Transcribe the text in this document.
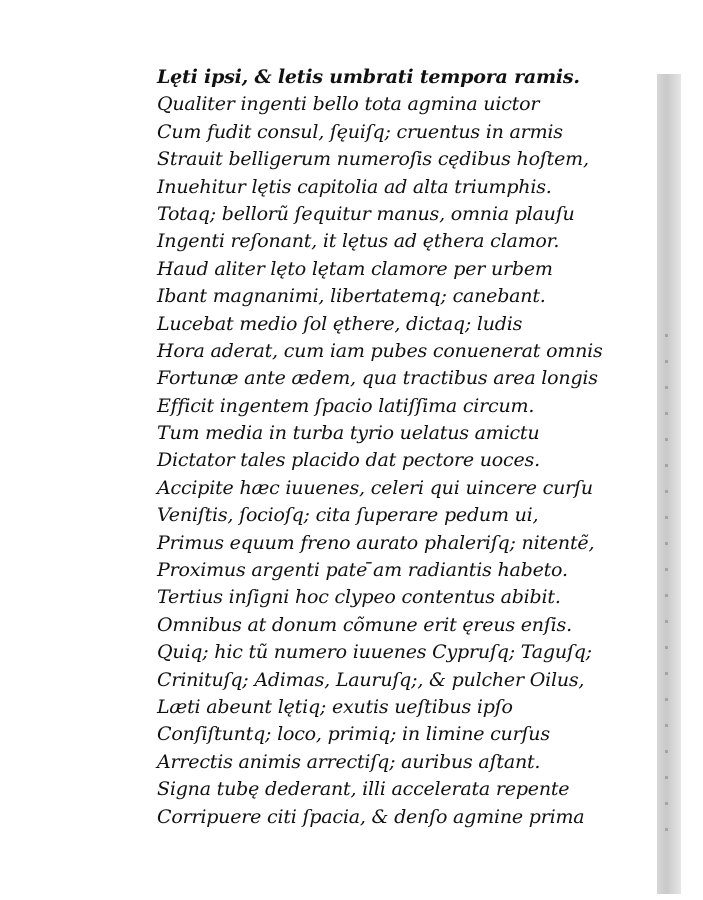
Lęti ipsi, & letis umbrati tempora ramis.
Qualiter ingenti bello tota agmina uictor
Cum fudit consul, ſęuiſq; cruentus in armis
Strauit belligerum numeroſis cędibus hoſtem,
Inuehitur lętis capitolia ad alta triumphis.
Totaq; bellorũ ſequitur manus, omnia plauſu
Ingenti reſonant, it lętus ad ęthera clamor.
Haud aliter lęto lętam clamore per urbem
Ibant magnanimi, libertatemq; canebant.
Lucebat medio ſol ęthere, dictaq; ludis
Hora aderat, cum iam pubes conuenerat omnis
Fortunæ ante ædem, qua tractibus area longis
Efficit ingentem ſpacio latiſſima circum.
Tum media in turba tyrio uelatus amictu
Dictator tales placido dat pectore uoces.
Accipite hæc iuuenes, celeri qui uincere curſu
Veniſtis, ſocioſq; cita ſuperare pedum ui,
Primus equum freno aurato phaleriſq; nitentẽ,
Proximus argenti pate ̄am radiantis habeto.
Tertius inſigni hoc clypeo contentus abibit.
Omnibus at donum cõmune erit ęreus enſis.
Quiq; hic tũ numero iuuenes Cypruſq; Taguſq;
Crinituſq; Adimas, Lauruſq;, & pulcher Oilus,
Læti abeunt lętiq; exutis ueſtibus ipſo
Conſiſtuntq; loco, primiq; in limine curſus
Arrectis animis arrectiſq; auribus aſtant.
Signa tubę dederant, illi accelerata repente
Corripuere citi ſpacia, & denſo agmine prima
